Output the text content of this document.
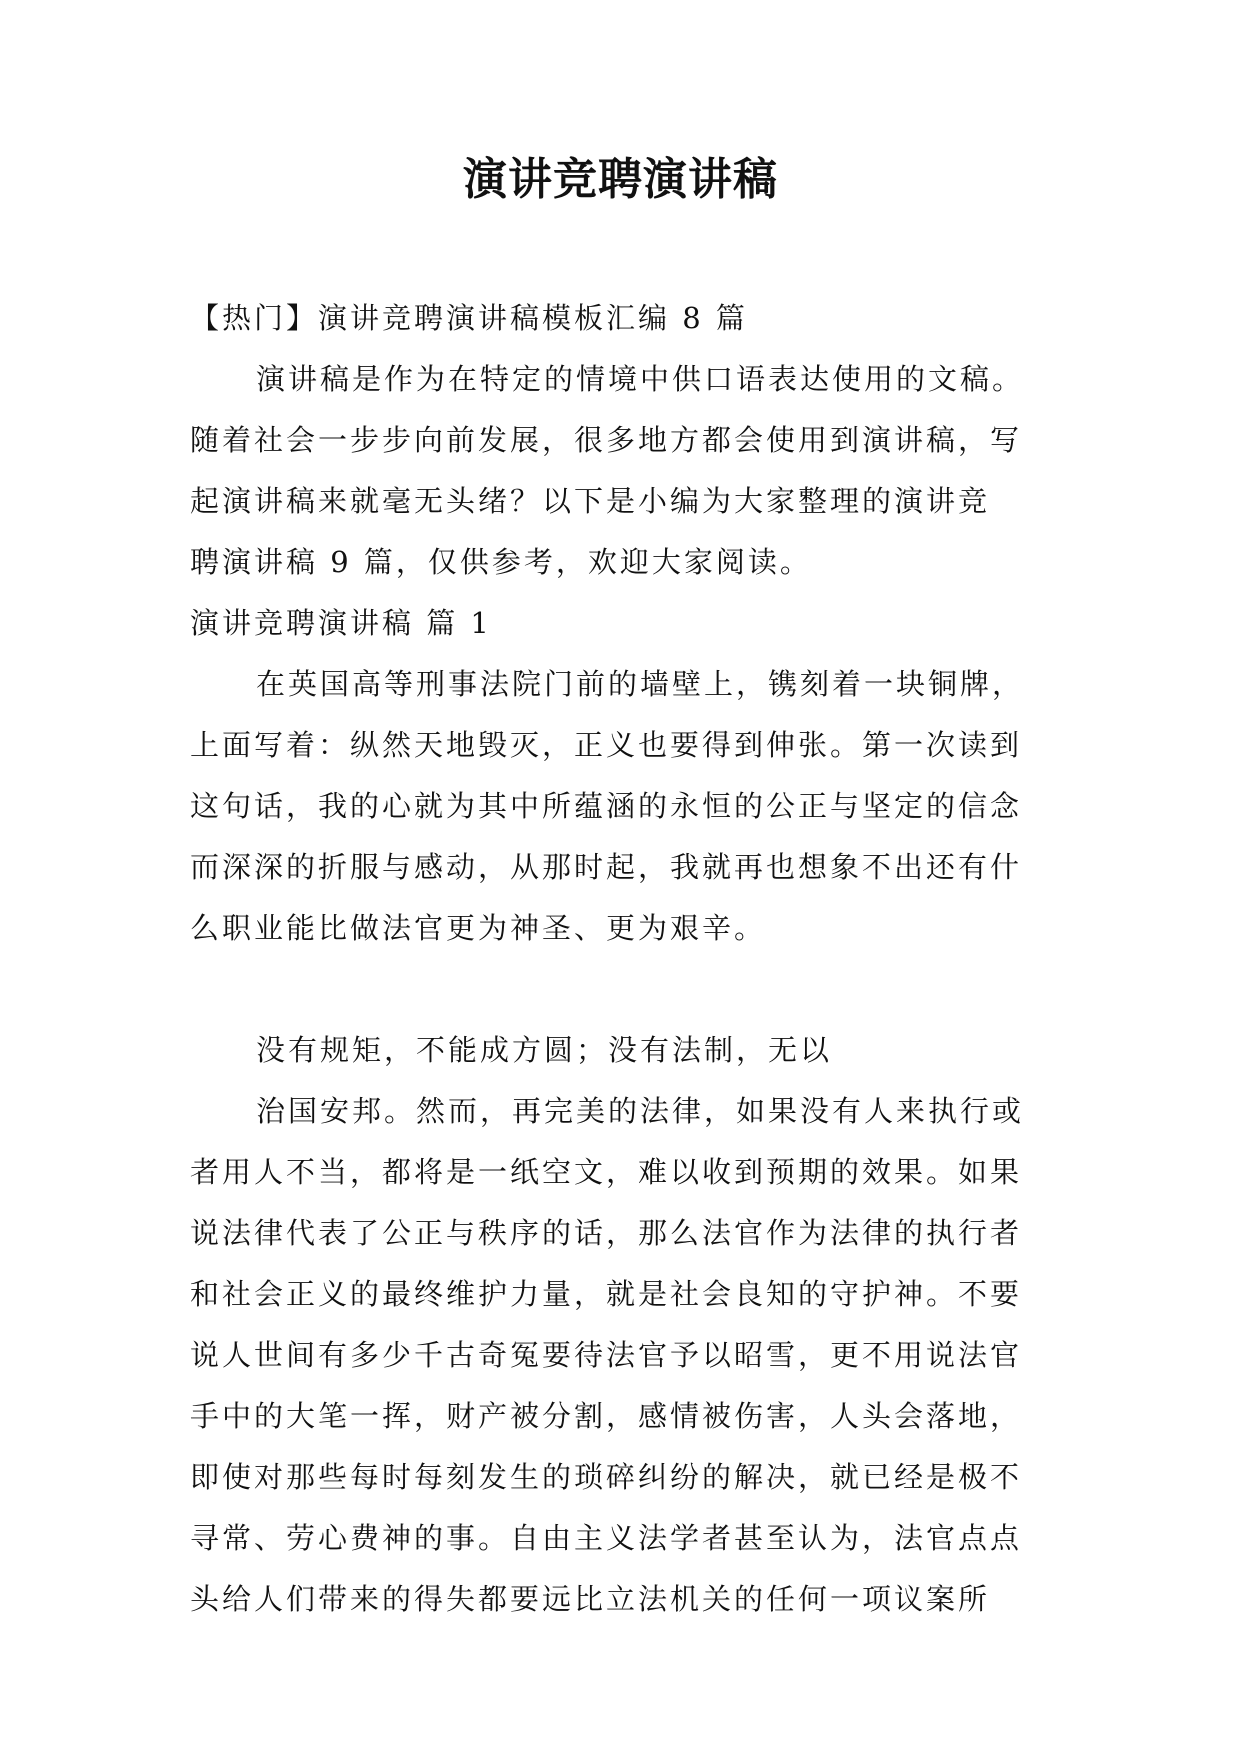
演讲竞聘演讲稿
【热门】演讲竞聘演讲稿模板汇编 8 篇
演讲稿是作为在特定的情境中供口语表达使用的文稿。
随着社会一步步向前发展，很多地方都会使用到演讲稿，写
起演讲稿来就毫无头绪？以下是小编为大家整理的演讲竞
聘演讲稿 9 篇，仅供参考，欢迎大家阅读。
演讲竞聘演讲稿 篇 1
在英国高等刑事法院门前的墙壁上，镌刻着一块铜牌，
上面写着：纵然天地毁灭，正义也要得到伸张。第一次读到
这句话，我的心就为其中所蕴涵的永恒的公正与坚定的信念
而深深的折服与感动，从那时起，我就再也想象不出还有什
么职业能比做法官更为神圣、更为艰辛。
没有规矩，不能成方圆；没有法制，无以
治国安邦。然而，再完美的法律，如果没有人来执行或
者用人不当，都将是一纸空文，难以收到预期的效果。如果
说法律代表了公正与秩序的话，那么法官作为法律的执行者
和社会正义的最终维护力量，就是社会良知的守护神。不要
说人世间有多少千古奇冤要待法官予以昭雪，更不用说法官
手中的大笔一挥，财产被分割，感情被伤害，人头会落地，
即使对那些每时每刻发生的琐碎纠纷的解决，就已经是极不
寻常、劳心费神的事。自由主义法学者甚至认为，法官点点
头给人们带来的得失都要远比立法机关的任何一项议案所
